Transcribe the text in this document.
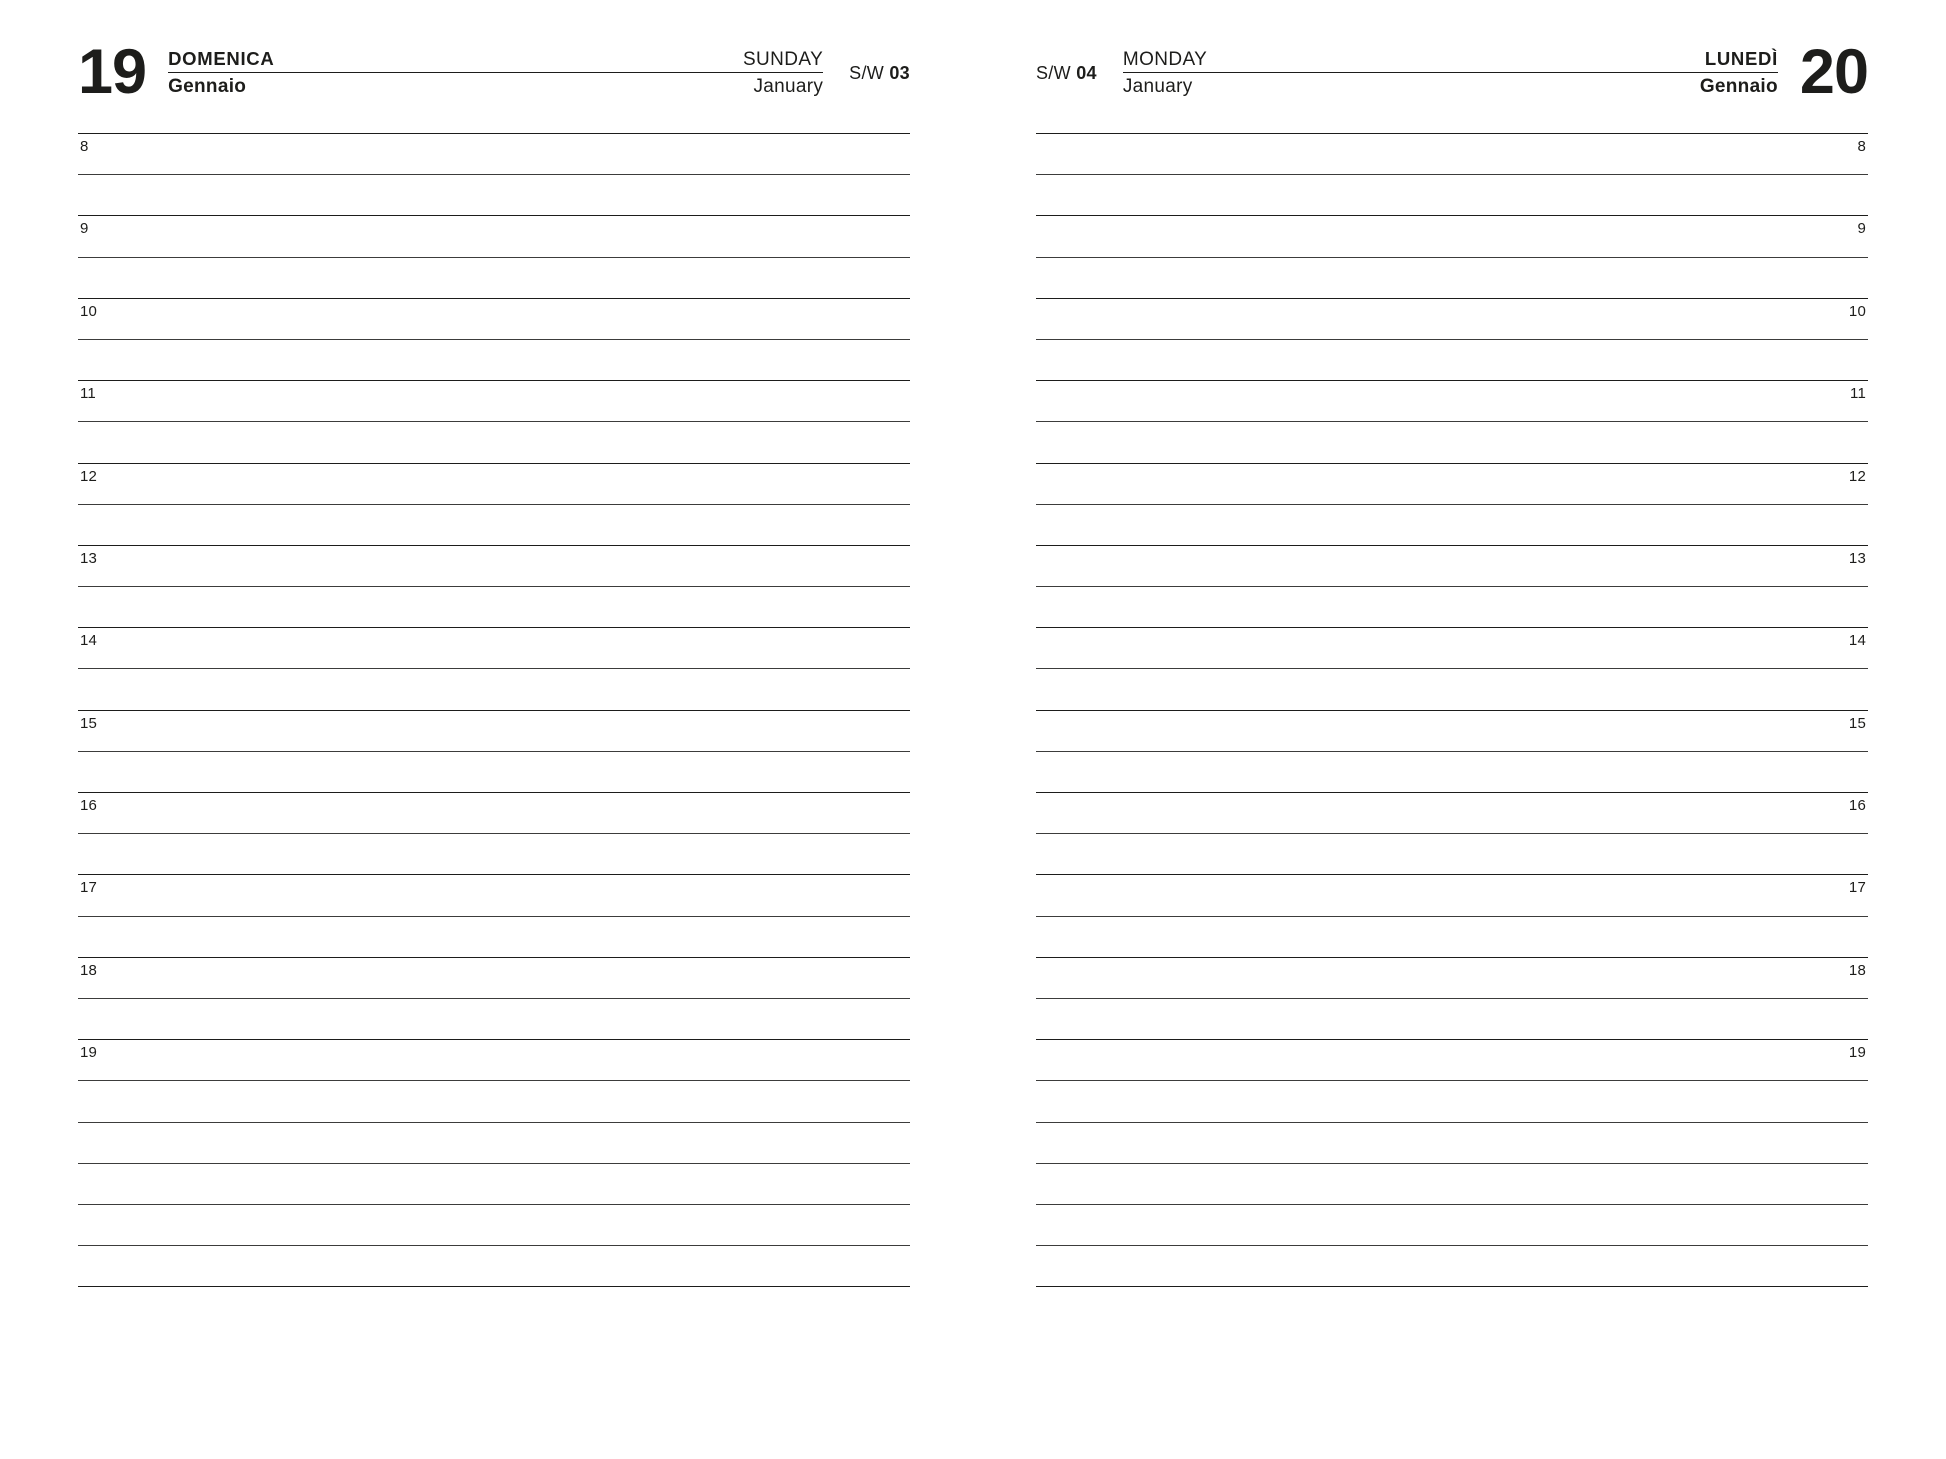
19 DOMENICA	SUNDAY
Gennaio	January
S/W 03
8
9
10
11
12
13
14
15
16
17
18
19
S/W 04
MONDAY	LUNEDÌ
January	Gennaio 20
8
9
10
11
12
13
14
15
16
17
18
19
